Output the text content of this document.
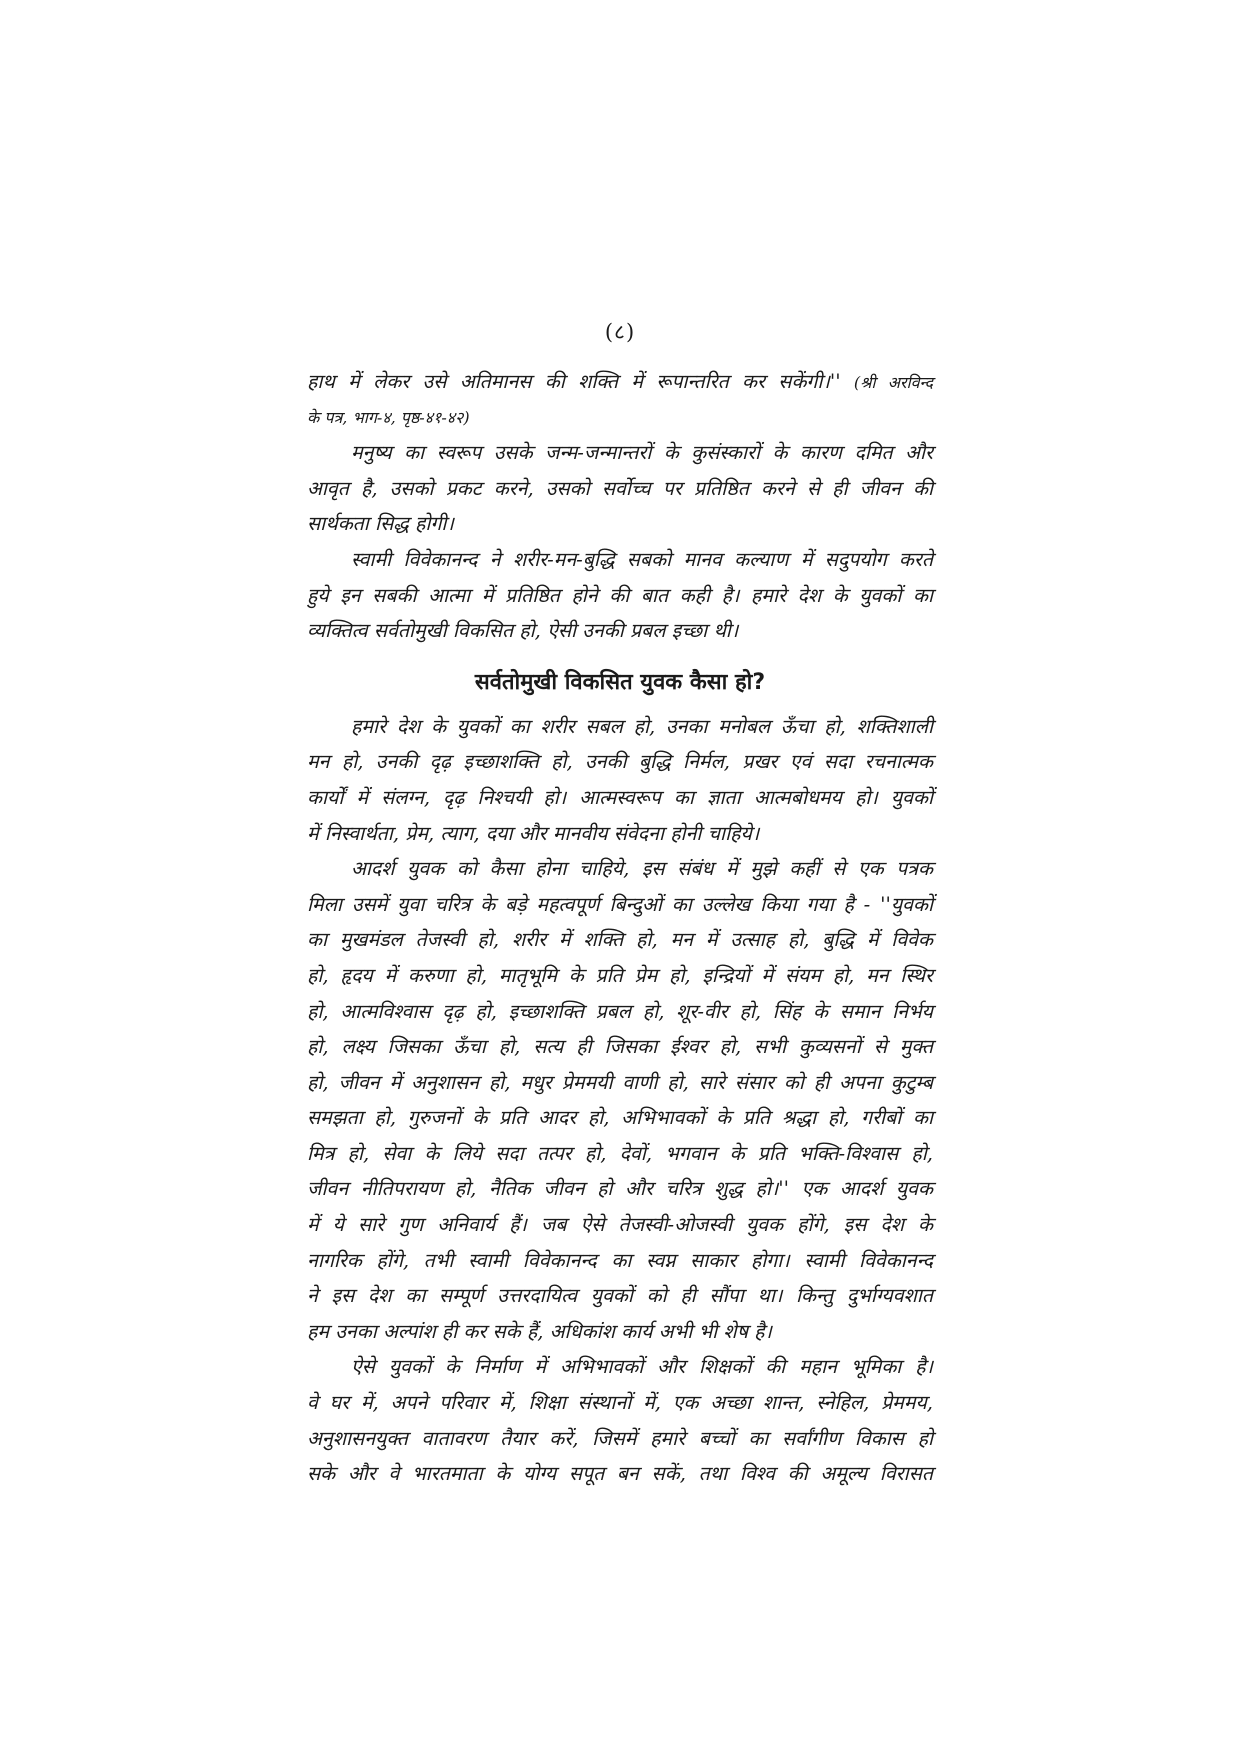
(८)
हाथ में लेकर उसे अतिमानस की शक्ति में रूपान्तरित कर सकेंगी।'' (श्री अरविन्द
के पत्र, भाग-४, पृष्ठ-४१-४२)
मनुष्य का स्वरूप उसके जन्म-जन्मान्तरों के कुसंस्कारों के कारण दमित और
आवृत है, उसको प्रकट करने, उसको सर्वोच्च पर प्रतिष्ठित करने से ही जीवन की
सार्थकता सिद्ध होगी।
स्वामी विवेकानन्द ने शरीर-मन-बुद्धि सबको मानव कल्याण में सदुपयोग करते
हुये इन सबकी आत्मा में प्रतिष्ठित होने की बात कही है। हमारे देश के युवकों का
व्यक्तित्व सर्वतोमुखी विकसित हो, ऐसी उनकी प्रबल इच्छा थी।
सर्वतोमुखी विकसित युवक कैसा हो?
हमारे देश के युवकों का शरीर सबल हो, उनका मनोबल ऊँचा हो, शक्तिशाली
मन हो, उनकी दृढ़ इच्छाशक्ति हो, उनकी बुद्धि निर्मल, प्रखर एवं सदा रचनात्मक
कार्यों में संलग्न, दृढ़ निश्चयी हो। आत्मस्वरूप का ज्ञाता आत्मबोधमय हो। युवकों
में निस्वार्थता, प्रेम, त्याग, दया और मानवीय संवेदना होनी चाहिये।
आदर्श युवक को कैसा होना चाहिये, इस संबंध में मुझे कहीं से एक पत्रक
मिला उसमें युवा चरित्र के बड़े महत्वपूर्ण बिन्दुओं का उल्लेख किया गया है - ''युवकों
का मुखमंडल तेजस्वी हो, शरीर में शक्ति हो, मन में उत्साह हो, बुद्धि में विवेक
हो, हृदय में करुणा हो, मातृभूमि के प्रति प्रेम हो, इन्द्रियों में संयम हो, मन स्थिर
हो, आत्मविश्वास दृढ़ हो, इच्छाशक्ति प्रबल हो, शूर-वीर हो, सिंह के समान निर्भय
हो, लक्ष्य जिसका ऊँचा हो, सत्य ही जिसका ईश्वर हो, सभी कुव्यसनों से मुक्त
हो, जीवन में अनुशासन हो, मधुर प्रेममयी वाणी हो, सारे संसार को ही अपना कुटुम्ब
समझता हो, गुरुजनों के प्रति आदर हो, अभिभावकों के प्रति श्रद्धा हो, गरीबों का
मित्र हो, सेवा के लिये सदा तत्पर हो, देवों, भगवान के प्रति भक्ति-विश्वास हो,
जीवन नीतिपरायण हो, नैतिक जीवन हो और चरित्र शुद्ध हो।'' एक आदर्श युवक
में ये सारे गुण अनिवार्य हैं। जब ऐसे तेजस्वी-ओजस्वी युवक होंगे, इस देश के
नागरिक होंगे, तभी स्वामी विवेकानन्द का स्वप्न साकार होगा। स्वामी विवेकानन्द
ने इस देश का सम्पूर्ण उत्तरदायित्व युवकों को ही सौंपा था। किन्तु दुर्भाग्यवशात
हम उनका अल्पांश ही कर सके हैं, अधिकांश कार्य अभी भी शेष है।
ऐसे युवकों के निर्माण में अभिभावकों और शिक्षकों की महान भूमिका है।
वे घर में, अपने परिवार में, शिक्षा संस्थानों में, एक अच्छा शान्त, स्नेहिल, प्रेममय,
अनुशासनयुक्त वातावरण तैयार करें, जिसमें हमारे बच्चों का सर्वांगीण विकास हो
सके और वे भारतमाता के योग्य सपूत बन सकें, तथा विश्व की अमूल्य विरासत
